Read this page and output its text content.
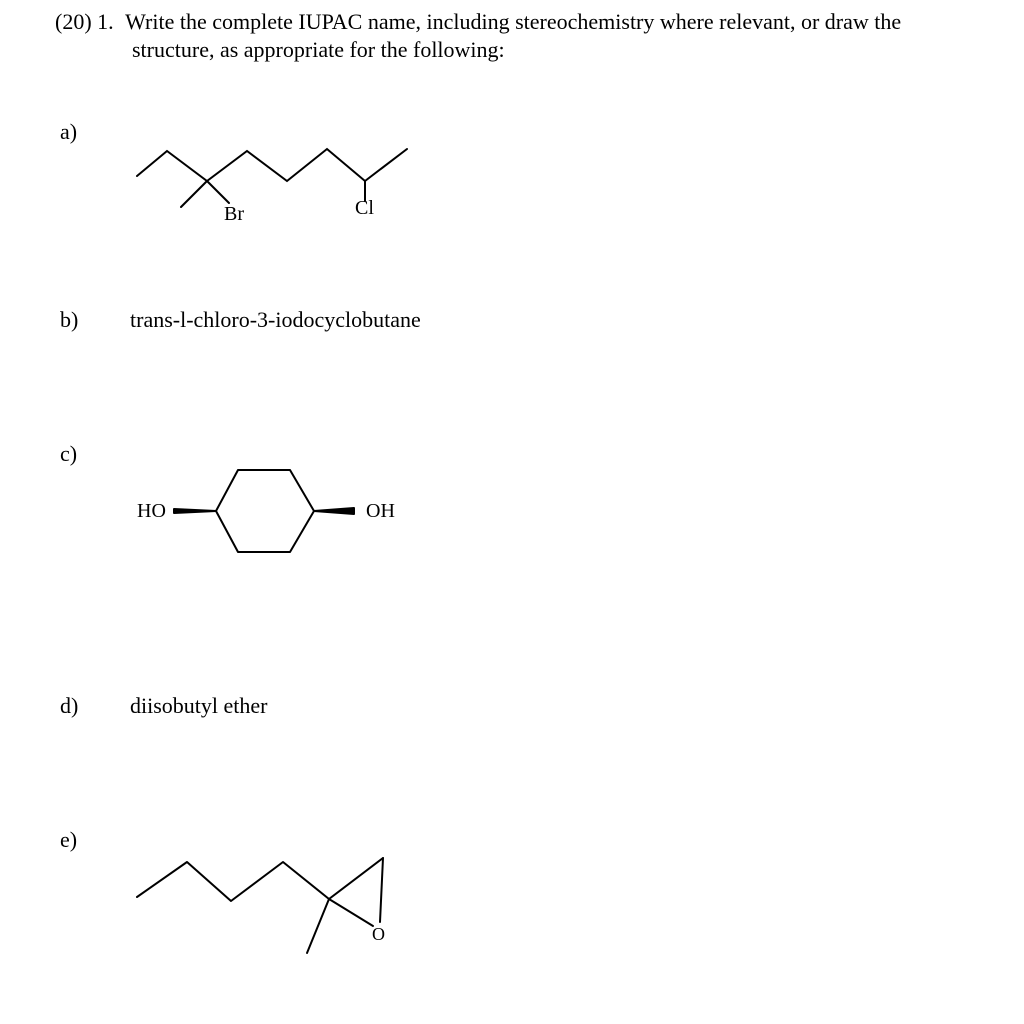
(20) 1. Write the complete IUPAC name, including stereochemistry where relevant, or draw the
structure, as appropriate for the following:
a)
b)
c)
d)
e)
trans-l-chloro-3-iodocyclobutane
diisobutyl ether
Br	Cl
HO	OH
O
